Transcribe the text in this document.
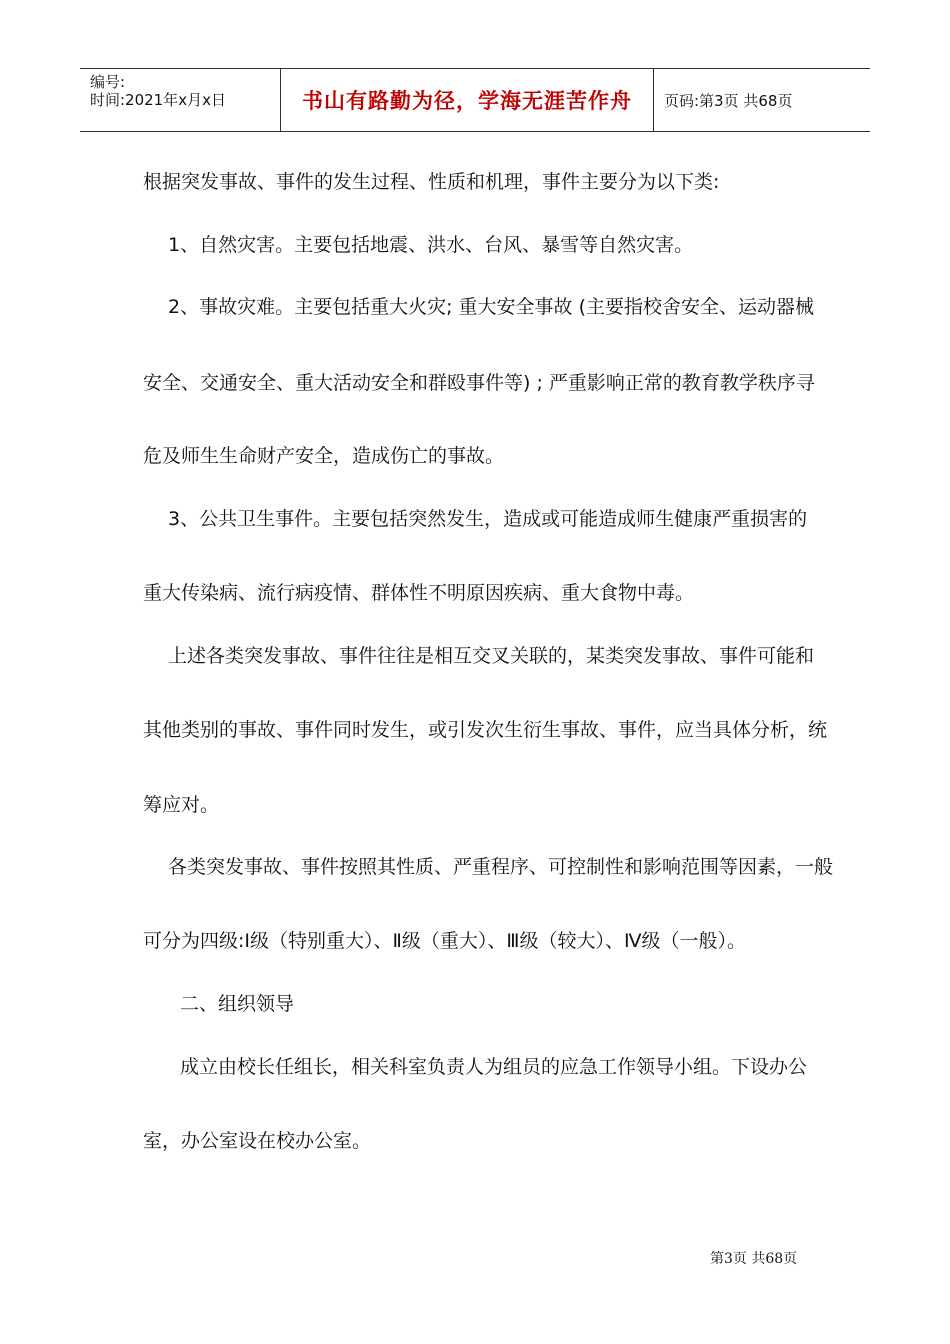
编号:
时间:2021年x月x日	书山有路勤为径，学海无涯苦作舟 页码:第3页 共68页
根据突发事故、事件的发生过程、性质和机理，事件主要分为以下类:
1、自然灾害。主要包括地震、洪水、台风、暴雪等自然灾害。
2、事故灾难。主要包括重大火灾; 重大安全事故 (主要指校舍安全、运动器械
安全、交通安全、重大活动安全和群殴事件等) ; 严重影响正常的教育教学秩序寻
危及师生生命财产安全，造成伤亡的事故。
3、公共卫生事件。主要包括突然发生，造成或可能造成师生健康严重损害的
重大传染病、流行病疫情、群体性不明原因疾病、重大食物中毒。
上述各类突发事故、事件往往是相互交叉关联的，某类突发事故、事件可能和
其他类别的事故、事件同时发生，或引发次生衍生事故、事件，应当具体分析，统
筹应对。
各类突发事故、事件按照其性质、严重程序、可控制性和影响范围等因素，一般
可分为四级:Ⅰ级（特别重大）、Ⅱ级（重大）、Ⅲ级（较大）、Ⅳ级（一般）。
二、组织领导
成立由校长任组长，相关科室负责人为组员的应急工作领导小组。下设办公
室，办公室设在校办公室。
第3页 共68页
